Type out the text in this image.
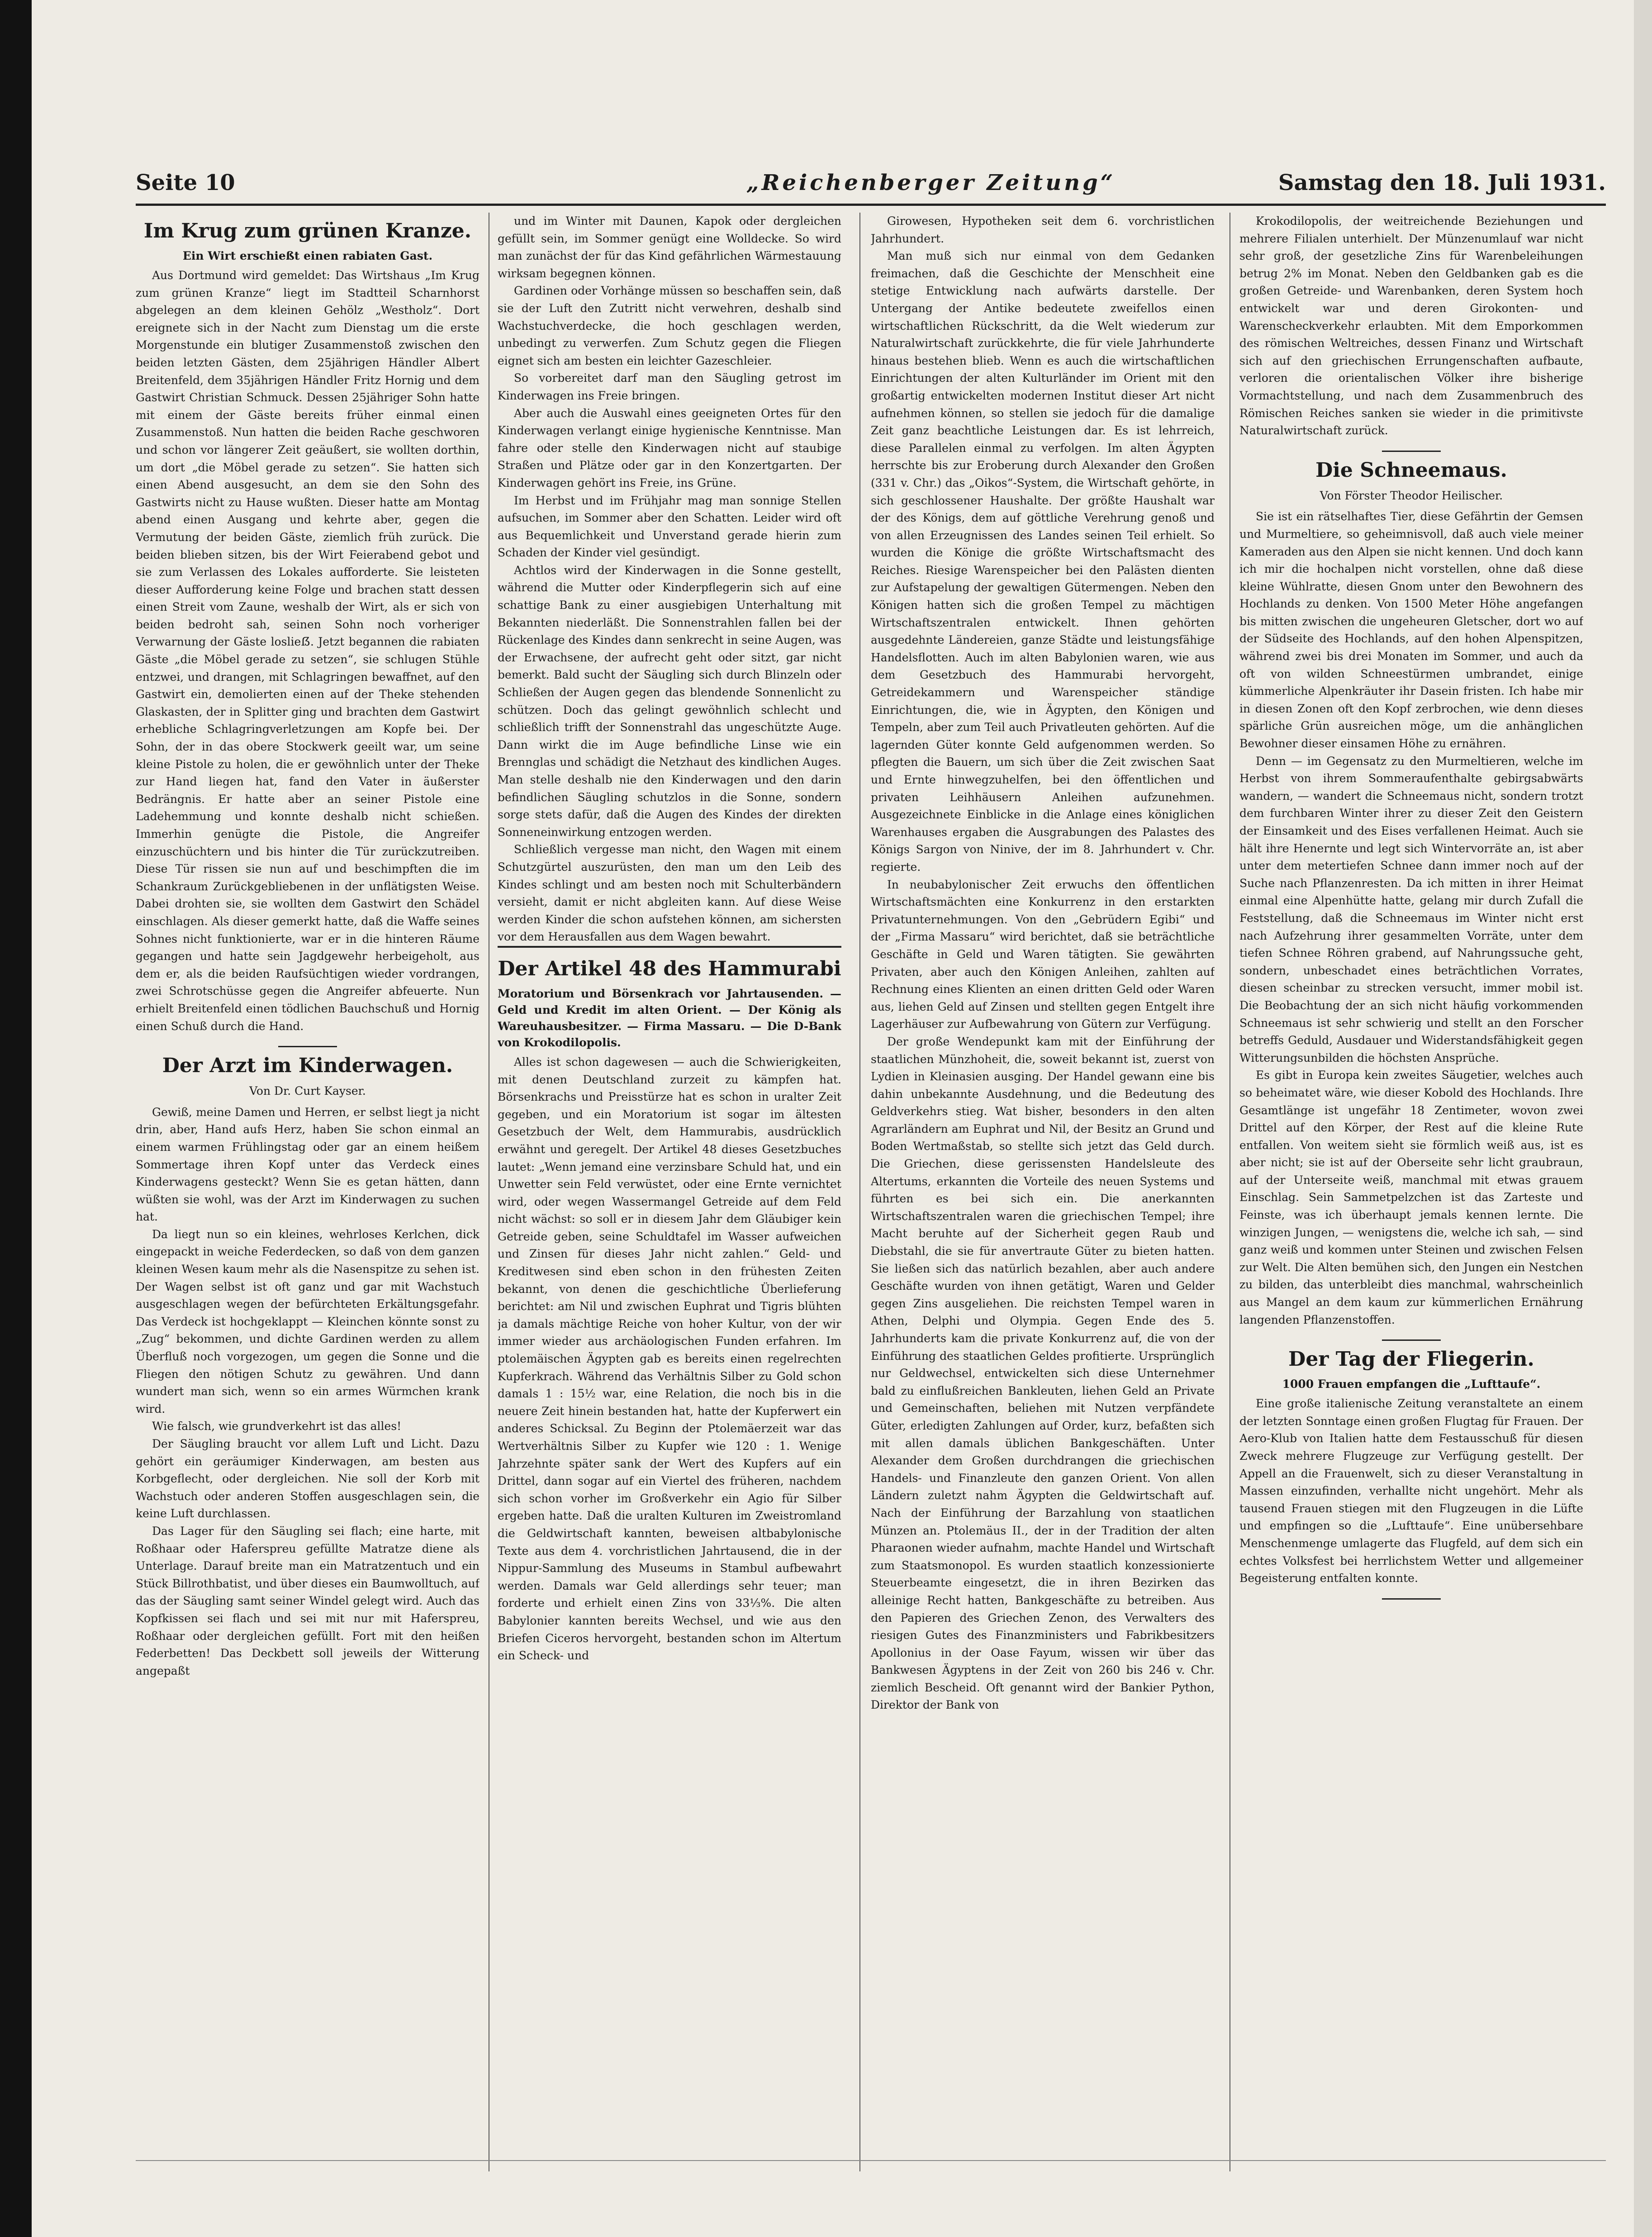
Seite 10	„Reichenberger Zeitung“	Samstag den 18. Juli 1931.
Im Krug zum grünen Kranze.
Ein Wirt erschießt einen rabiaten Gast.

Aus Dortmund wird gemeldet: Das Wirtshaus „Im Krug zum grünen Kranze“ liegt im Stadtteil Scharnhorst abgelegen an dem kleinen Gehölz „Westholz“. Dort ereignete sich in der Nacht zum Dienstag um die erste Morgenstunde ein blutiger Zusammenstoß zwischen den beiden letzten Gästen, dem 25jährigen Händler Albert Breitenfeld, dem 35jährigen Händler Fritz Hornig und dem Gastwirt Christian Schmuck. Dessen 25jähriger Sohn hatte mit einem der Gäste bereits früher einmal einen Zusammenstoß. Nun hatten die beiden Rache geschworen und schon vor längerer Zeit geäußert, sie wollten dorthin, um dort „die Möbel gerade zu setzen“. Sie hatten sich einen Abend ausgesucht, an dem sie den Sohn des Gastwirts nicht zu Hause wußten. Dieser hatte am Montag abend einen Ausgang und kehrte aber, gegen die Vermutung der beiden Gäste, ziemlich früh zurück. Die beiden blieben sitzen, bis der Wirt Feierabend gebot und sie zum Verlassen des Lokales aufforderte. Sie leisteten dieser Aufforderung keine Folge und brachen statt dessen einen Streit vom Zaune, weshalb der Wirt, als er sich von beiden bedroht sah, seinen Sohn noch vorheriger Verwarnung der Gäste loslieẞ. Jetzt begannen die rabiaten Gäste „die Möbel gerade zu setzen“, sie schlugen Stühle entzwei, und drangen, mit Schlagringen bewaffnet, auf den Gastwirt ein, demolierten einen auf der Theke stehenden Glaskasten, der in Splitter ging und brachten dem Gastwirt erhebliche Schlagringverletzungen am Kopfe bei. Der Sohn, der in das obere Stockwerk geeilt war, um seine kleine Pistole zu holen, die er gewöhnlich unter der Theke zur Hand liegen hat, fand den Vater in äußerster Bedrängnis. Er hatte aber an seiner Pistole eine Ladehemmung und konnte deshalb nicht schießen. Immerhin genügte die Pistole, die Angreifer einzuschüchtern und bis hinter die Tür zurückzutreiben. Diese Tür rissen sie nun auf und beschimpften die im Schankraum Zurückgebliebenen in der unflätigsten Weise. Dabei drohten sie, sie wollten dem Gastwirt den Schädel einschlagen. Als dieser gemerkt hatte, daß die Waffe seines Sohnes nicht funktionierte, war er in die hinteren Räume gegangen und hatte sein Jagdgewehr herbeigeholt, aus dem er, als die beiden Raufsüchtigen wieder vordrangen, zwei Schrotschüsse gegen die Angreifer abfeuerte. Nun erhielt Breitenfeld einen tödlichen Bauchschuß und Hornig einen Schuß durch die Hand.

Der Arzt im Kinderwagen.
Von Dr. Curt Kayser.

Gewiß, meine Damen und Herren, er selbst liegt ja nicht drin, aber, Hand aufs Herz, haben Sie schon einmal an einem warmen Frühlingstag oder gar an einem heißem Sommertage ihren Kopf unter das Verdeck eines Kinderwagens gesteckt? Wenn Sie es getan hätten, dann wüßten sie wohl, was der Arzt im Kinderwagen zu suchen hat.

Da liegt nun so ein kleines, wehrloses Kerlchen, dick eingepackt in weiche Federdecken, so daß von dem ganzen kleinen Wesen kaum mehr als die Nasenspitze zu sehen ist. Der Wagen selbst ist oft ganz und gar mit Wachstuch ausgeschlagen wegen der befürchteten Erkältungsgefahr. Das Verdeck ist hochgeklappt — Kleinchen könnte sonst zu „Zug“ bekommen, und dichte Gardinen werden zu allem Überfluß noch vorgezogen, um gegen die Sonne und die Fliegen den nötigen Schutz zu gewähren. Und dann wundert man sich, wenn so ein armes Würmchen krank wird.

Wie falsch, wie grundverkehrt ist das alles!

Der Säugling braucht vor allem Luft und Licht. Dazu gehört ein geräumiger Kinderwagen, am besten aus Korbgeflecht, oder dergleichen. Nie soll der Korb mit Wachstuch oder anderen Stoffen ausgeschlagen sein, die keine Luft durchlassen.

Das Lager für den Säugling sei flach; eine harte, mit Roßhaar oder Haferspreu gefüllte Matratze diene als Unterlage. Darauf breite man ein Matratzentuch und ein Stück Billrothbatist, und über dieses ein Baumwolltuch, auf das der Säugling samt seiner Windel gelegt wird. Auch das Kopfkissen sei flach und sei mit nur mit Haferspreu, Roßhaar oder dergleichen gefüllt. Fort mit den heißen Federbetten! Das Deckbett soll jeweils der Witterung angepaßt

und im Winter mit Daunen, Kapok oder dergleichen gefüllt sein, im Sommer genügt eine Wolldecke. So wird man zunächst der für das Kind gefährlichen Wärmestauung wirksam begegnen können.

Gardinen oder Vorhänge müssen so beschaffen sein, daß sie der Luft den Zutritt nicht verwehren, deshalb sind Wachstuchverdecke, die hoch geschlagen werden, unbedingt zu verwerfen. Zum Schutz gegen die Fliegen eignet sich am besten ein leichter Gazeschleier.

So vorbereitet darf man den Säugling getrost im Kinderwagen ins Freie bringen.

Aber auch die Auswahl eines geeigneten Ortes für den Kinderwagen verlangt einige hygienische Kenntnisse. Man fahre oder stelle den Kinderwagen nicht auf staubige Straßen und Plätze oder gar in den Konzertgarten. Der Kinderwagen gehört ins Freie, ins Grüne.

Im Herbst und im Frühjahr mag man sonnige Stellen aufsuchen, im Sommer aber den Schatten. Leider wird oft aus Bequemlichkeit und Unverstand gerade hierin zum Schaden der Kinder viel gesündigt.

Achtlos wird der Kinderwagen in die Sonne gestellt, während die Mutter oder Kinderpflegerin sich auf eine schattige Bank zu einer ausgiebigen Unterhaltung mit Bekannten niederläßt. Die Sonnenstrahlen fallen bei der Rückenlage des Kindes dann senkrecht in seine Augen, was der Erwachsene, der aufrecht geht oder sitzt, gar nicht bemerkt. Bald sucht der Säugling sich durch Blinzeln oder Schließen der Augen gegen das blendende Sonnenlicht zu schützen. Doch das gelingt gewöhnlich schlecht und schließlich trifft der Sonnenstrahl das ungeschützte Auge. Dann wirkt die im Auge befindliche Linse wie ein Brennglas und schädigt die Netzhaut des kindlichen Auges. Man stelle deshalb nie den Kinderwagen und den darin befindlichen Säugling schutzlos in die Sonne, sondern sorge stets dafür, daß die Augen des Kindes der direkten Sonneneinwirkung entzogen werden.

Schließlich vergesse man nicht, den Wagen mit einem Schutzgürtel auszurüsten, den man um den Leib des Kindes schlingt und am besten noch mit Schulterbändern versieht, damit er nicht abgleiten kann. Auf diese Weise werden Kinder die schon aufstehen können, am sichersten vor dem Herausfallen aus dem Wagen bewahrt.

Der Artikel 48 des Hammurabi
Moratorium und Börsenkrach vor Jahrtausenden. — Geld und Kredit im alten Orient. — Der König als Wareuhausbesitzer. — Firma Massaru. — Die D-Bank von Krokodilopolis.

Alles ist schon dagewesen — auch die Schwierigkeiten, mit denen Deutschland zurzeit zu kämpfen hat. Börsenkrachs und Preisstürze hat es schon in uralter Zeit gegeben, und ein Moratorium ist sogar im ältesten Gesetzbuch der Welt, dem Hammurabis, ausdrücklich erwähnt und geregelt. Der Artikel 48 dieses Gesetzbuches lautet: „Wenn jemand eine verzinsbare Schuld hat, und ein Unwetter sein Feld verwüstet, oder eine Ernte vernichtet wird, oder wegen Wassermangel Getreide auf dem Feld nicht wächst: so soll er in diesem Jahr dem Gläubiger kein Getreide geben, seine Schuldtafel im Wasser aufweichen und Zinsen für dieses Jahr nicht zahlen.“ Geld- und Kreditwesen sind eben schon in den frühesten Zeiten bekannt, von denen die geschichtliche Überlieferung berichtet: am Nil und zwischen Euphrat und Tigris blühten ja damals mächtige Reiche von hoher Kultur, von der wir immer wieder aus archäologischen Funden erfahren. Im ptolemäischen Ägypten gab es bereits einen regelrechten Kupferkrach. Während das Verhältnis Silber zu Gold schon damals 1 : 15½ war, eine Relation, die noch bis in die neuere Zeit hinein bestanden hat, hatte der Kupferwert ein anderes Schicksal. Zu Beginn der Ptolemäerzeit war das Wertverhältnis Silber zu Kupfer wie 120 : 1. Wenige Jahrzehnte später sank der Wert des Kupfers auf ein Drittel, dann sogar auf ein Viertel des früheren, nachdem sich schon vorher im Großverkehr ein Agio für Silber ergeben hatte. Daß die uralten Kulturen im Zweistromland die Geldwirtschaft kannten, beweisen altbabylonische Texte aus dem 4. vorchristlichen Jahrtausend, die in der Nippur-Sammlung des Museums in Stambul aufbewahrt werden. Damals war Geld allerdings sehr teuer; man forderte und erhielt einen Zins von 33⅓%. Die alten Babylonier kannten bereits Wechsel, und wie aus den Briefen Ciceros hervorgeht, bestanden schon im Altertum ein Scheck- und

Girowesen, Hypotheken seit dem 6. vorchristlichen Jahrhundert.

Man muß sich nur einmal von dem Gedanken freimachen, daß die Geschichte der Menschheit eine stetige Entwicklung nach aufwärts darstelle. Der Untergang der Antike bedeutete zweifellos einen wirtschaftlichen Rückschritt, da die Welt wiederum zur Naturalwirtschaft zurückkehrte, die für viele Jahrhunderte hinaus bestehen blieb. Wenn es auch die wirtschaftlichen Einrichtungen der alten Kulturländer im Orient mit den großartig entwickelten modernen Institut dieser Art nicht aufnehmen können, so stellen sie jedoch für die damalige Zeit ganz beachtliche Leistungen dar. Es ist lehrreich, diese Parallelen einmal zu verfolgen. Im alten Ägypten herrschte bis zur Eroberung durch Alexander den Großen (331 v. Chr.) das „Oikos“-System, die Wirtschaft gehörte, in sich geschlossener Haushalte. Der größte Haushalt war der des Königs, dem auf göttliche Verehrung genoß und von allen Erzeugnissen des Landes seinen Teil erhielt. So wurden die Könige die größte Wirtschaftsmacht des Reiches. Riesige Warenspeicher bei den Palästen dienten zur Aufstapelung der gewaltigen Gütermengen. Neben den Königen hatten sich die großen Tempel zu mächtigen Wirtschaftszentralen entwickelt. Ihnen gehörten ausgedehnte Ländereien, ganze Städte und leistungsfähige Handelsflotten. Auch im alten Babylonien waren, wie aus dem Gesetzbuch des Hammurabi hervorgeht, Getreidekammern und Warenspeicher ständige Einrichtungen, die, wie in Ägypten, den Königen und Tempeln, aber zum Teil auch Privatleuten gehörten. Auf die lagernden Güter konnte Geld aufgenommen werden. So pflegten die Bauern, um sich über die Zeit zwischen Saat und Ernte hinwegzuhelfen, bei den öffentlichen und privaten Leihhäusern Anleihen aufzunehmen. Ausgezeichnete Einblicke in die Anlage eines königlichen Warenhauses ergaben die Ausgrabungen des Palastes des Königs Sargon von Ninive, der im 8. Jahrhundert v. Chr. regierte.

In neubabylonischer Zeit erwuchs den öffentlichen Wirtschaftsmächten eine Konkurrenz in den erstarkten Privatunternehmungen. Von den „Gebrüdern Egibi“ und der „Firma Massaru“ wird berichtet, daß sie beträchtliche Geschäfte in Geld und Waren tätigten. Sie gewährten Privaten, aber auch den Königen Anleihen, zahlten auf Rechnung eines Klienten an einen dritten Geld oder Waren aus, liehen Geld auf Zinsen und stellten gegen Entgelt ihre Lagerhäuser zur Aufbewahrung von Gütern zur Verfügung.

Der große Wendepunkt kam mit der Einführung der staatlichen Münzhoheit, die, soweit bekannt ist, zuerst von Lydien in Kleinasien ausging. Der Handel gewann eine bis dahin unbekannte Ausdehnung, und die Bedeutung des Geldverkehrs stieg. Wat bisher, besonders in den alten Agrarländern am Euphrat und Nil, der Besitz an Grund und Boden Wertmaßstab, so stellte sich jetzt das Geld durch. Die Griechen, diese gerissensten Handelsleute des Altertums, erkannten die Vorteile des neuen Systems und führten es bei sich ein. Die anerkannten Wirtschaftszentralen waren die griechischen Tempel; ihre Macht beruhte auf der Sicherheit gegen Raub und Diebstahl, die sie für anvertraute Güter zu bieten hatten. Sie ließen sich das natürlich bezahlen, aber auch andere Geschäfte wurden von ihnen getätigt, Waren und Gelder gegen Zins ausgeliehen. Die reichsten Tempel waren in Athen, Delphi und Olympia. Gegen Ende des 5. Jahrhunderts kam die private Konkurrenz auf, die von der Einführung des staatlichen Geldes profitierte. Ursprünglich nur Geldwechsel, entwickelten sich diese Unternehmer bald zu einflußreichen Bankleuten, liehen Geld an Private und Gemeinschaften, beliehen mit Nutzen verpfändete Güter, erledigten Zahlungen auf Order, kurz, befaßten sich mit allen damals üblichen Bankgeschäften. Unter Alexander dem Großen durchdrangen die griechischen Handels- und Finanzleute den ganzen Orient. Von allen Ländern zuletzt nahm Ägypten die Geldwirtschaft auf. Nach der Einführung der Barzahlung von staatlichen Münzen an. Ptolemäus II., der in der Tradition der alten Pharaonen wieder aufnahm, machte Handel und Wirtschaft zum Staatsmonopol. Es wurden staatlich konzessionierte Steuerbeamte eingesetzt, die in ihren Bezirken das alleinige Recht hatten, Bankgeschäfte zu betreiben. Aus den Papieren des Griechen Zenon, des Verwalters des riesigen Gutes des Finanzministers und Fabrikbesitzers Apollonius in der Oase Fayum, wissen wir über das Bankwesen Ägyptens in der Zeit von 260 bis 246 v. Chr. ziemlich Bescheid. Oft genannt wird der Bankier Python, Direktor der Bank von

Krokodilopolis, der weitreichende Beziehungen und mehrere Filialen unterhielt. Der Münzenumlauf war nicht sehr groß, der gesetzliche Zins für Warenbeleihungen betrug 2% im Monat. Neben den Geldbanken gab es die großen Getreide- und Warenbanken, deren System hoch entwickelt war und deren Girokonten- und Warenscheckverkehr erlaubten. Mit dem Emporkommen des römischen Weltreiches, dessen Finanz und Wirtschaft sich auf den griechischen Errungenschaften aufbaute, verloren die orientalischen Völker ihre bisherige Vormachtstellung, und nach dem Zusammenbruch des Römischen Reiches sanken sie wieder in die primitivste Naturalwirtschaft zurück.

Die Schneemaus.
Von Förster Theodor Heilischer.

Sie ist ein rätselhaftes Tier, diese Gefährtin der Gemsen und Murmeltiere, so geheimnisvoll, daß auch viele meiner Kameraden aus den Alpen sie nicht kennen. Und doch kann ich mir die hochalpen nicht vorstellen, ohne daß diese kleine Wühlratte, diesen Gnom unter den Bewohnern des Hochlands zu denken. Von 1500 Meter Höhe angefangen bis mitten zwischen die ungeheuren Gletscher, dort wo auf der Südseite des Hochlands, auf den hohen Alpenspitzen, während zwei bis drei Monaten im Sommer, und auch da oft von wilden Schneestürmen umbrandet, einige kümmerliche Alpenkräuter ihr Dasein fristen. Ich habe mir in diesen Zonen oft den Kopf zerbrochen, wie denn dieses spärliche Grün ausreichen möge, um die anhänglichen Bewohner dieser einsamen Höhe zu ernähren.

Denn — im Gegensatz zu den Murmeltieren, welche im Herbst von ihrem Sommeraufenthalte gebirgsabwärts wandern, — wandert die Schneemaus nicht, sondern trotzt dem furchbaren Winter ihrer zu dieser Zeit den Geistern der Einsamkeit und des Eises verfallenen Heimat. Auch sie hält ihre Henernte und legt sich Wintervorräte an, ist aber unter dem metertiefen Schnee dann immer noch auf der Suche nach Pflanzenresten. Da ich mitten in ihrer Heimat einmal eine Alpenhütte hatte, gelang mir durch Zufall die Feststellung, daß die Schneemaus im Winter nicht erst nach Aufzehrung ihrer gesammelten Vorräte, unter dem tiefen Schnee Röhren grabend, auf Nahrungssuche geht, sondern, unbeschadet eines beträchtlichen Vorrates, diesen scheinbar zu strecken versucht, immer mobil ist. Die Beobachtung der an sich nicht häufig vorkommenden Schneemaus ist sehr schwierig und stellt an den Forscher betreffs Geduld, Ausdauer und Widerstandsfähigkeit gegen Witterungsunbilden die höchsten Ansprüche.

Es gibt in Europa kein zweites Säugetier, welches auch so beheimatet wäre, wie dieser Kobold des Hochlands. Ihre Gesamtlänge ist ungefähr 18 Zentimeter, wovon zwei Drittel auf den Körper, der Rest auf die kleine Rute entfallen. Von weitem sieht sie förmlich weiß aus, ist es aber nicht; sie ist auf der Oberseite sehr licht graubraun, auf der Unterseite weiß, manchmal mit etwas grauem Einschlag. Sein Sammetpelzchen ist das Zarteste und Feinste, was ich überhaupt jemals kennen lernte. Die winzigen Jungen, — wenigstens die, welche ich sah, — sind ganz weiß und kommen unter Steinen und zwischen Felsen zur Welt. Die Alten bemühen sich, den Jungen ein Nestchen zu bilden, das unterbleibt dies manchmal, wahrscheinlich aus Mangel an dem kaum zur kümmerlichen Ernährung langenden Pflanzenstoffen.

Der Tag der Fliegerin.
1000 Frauen empfangen die „Lufttaufe“.

Eine große italienische Zeitung veranstaltete an einem der letzten Sonntage einen großen Flugtag für Frauen. Der Aero-Klub von Italien hatte dem Festausschuß für diesen Zweck mehrere Flugzeuge zur Verfügung gestellt. Der Appell an die Frauenwelt, sich zu dieser Veranstaltung in Massen einzufinden, verhallte nicht ungehört. Mehr als tausend Frauen stiegen mit den Flugzeugen in die Lüfte und empfingen so die „Lufttaufe“. Eine unübersehbare Menschenmenge umlagerte das Flugfeld, auf dem sich ein echtes Volksfest bei herrlichstem Wetter und allgemeiner Begeisterung entfalten konnte.
